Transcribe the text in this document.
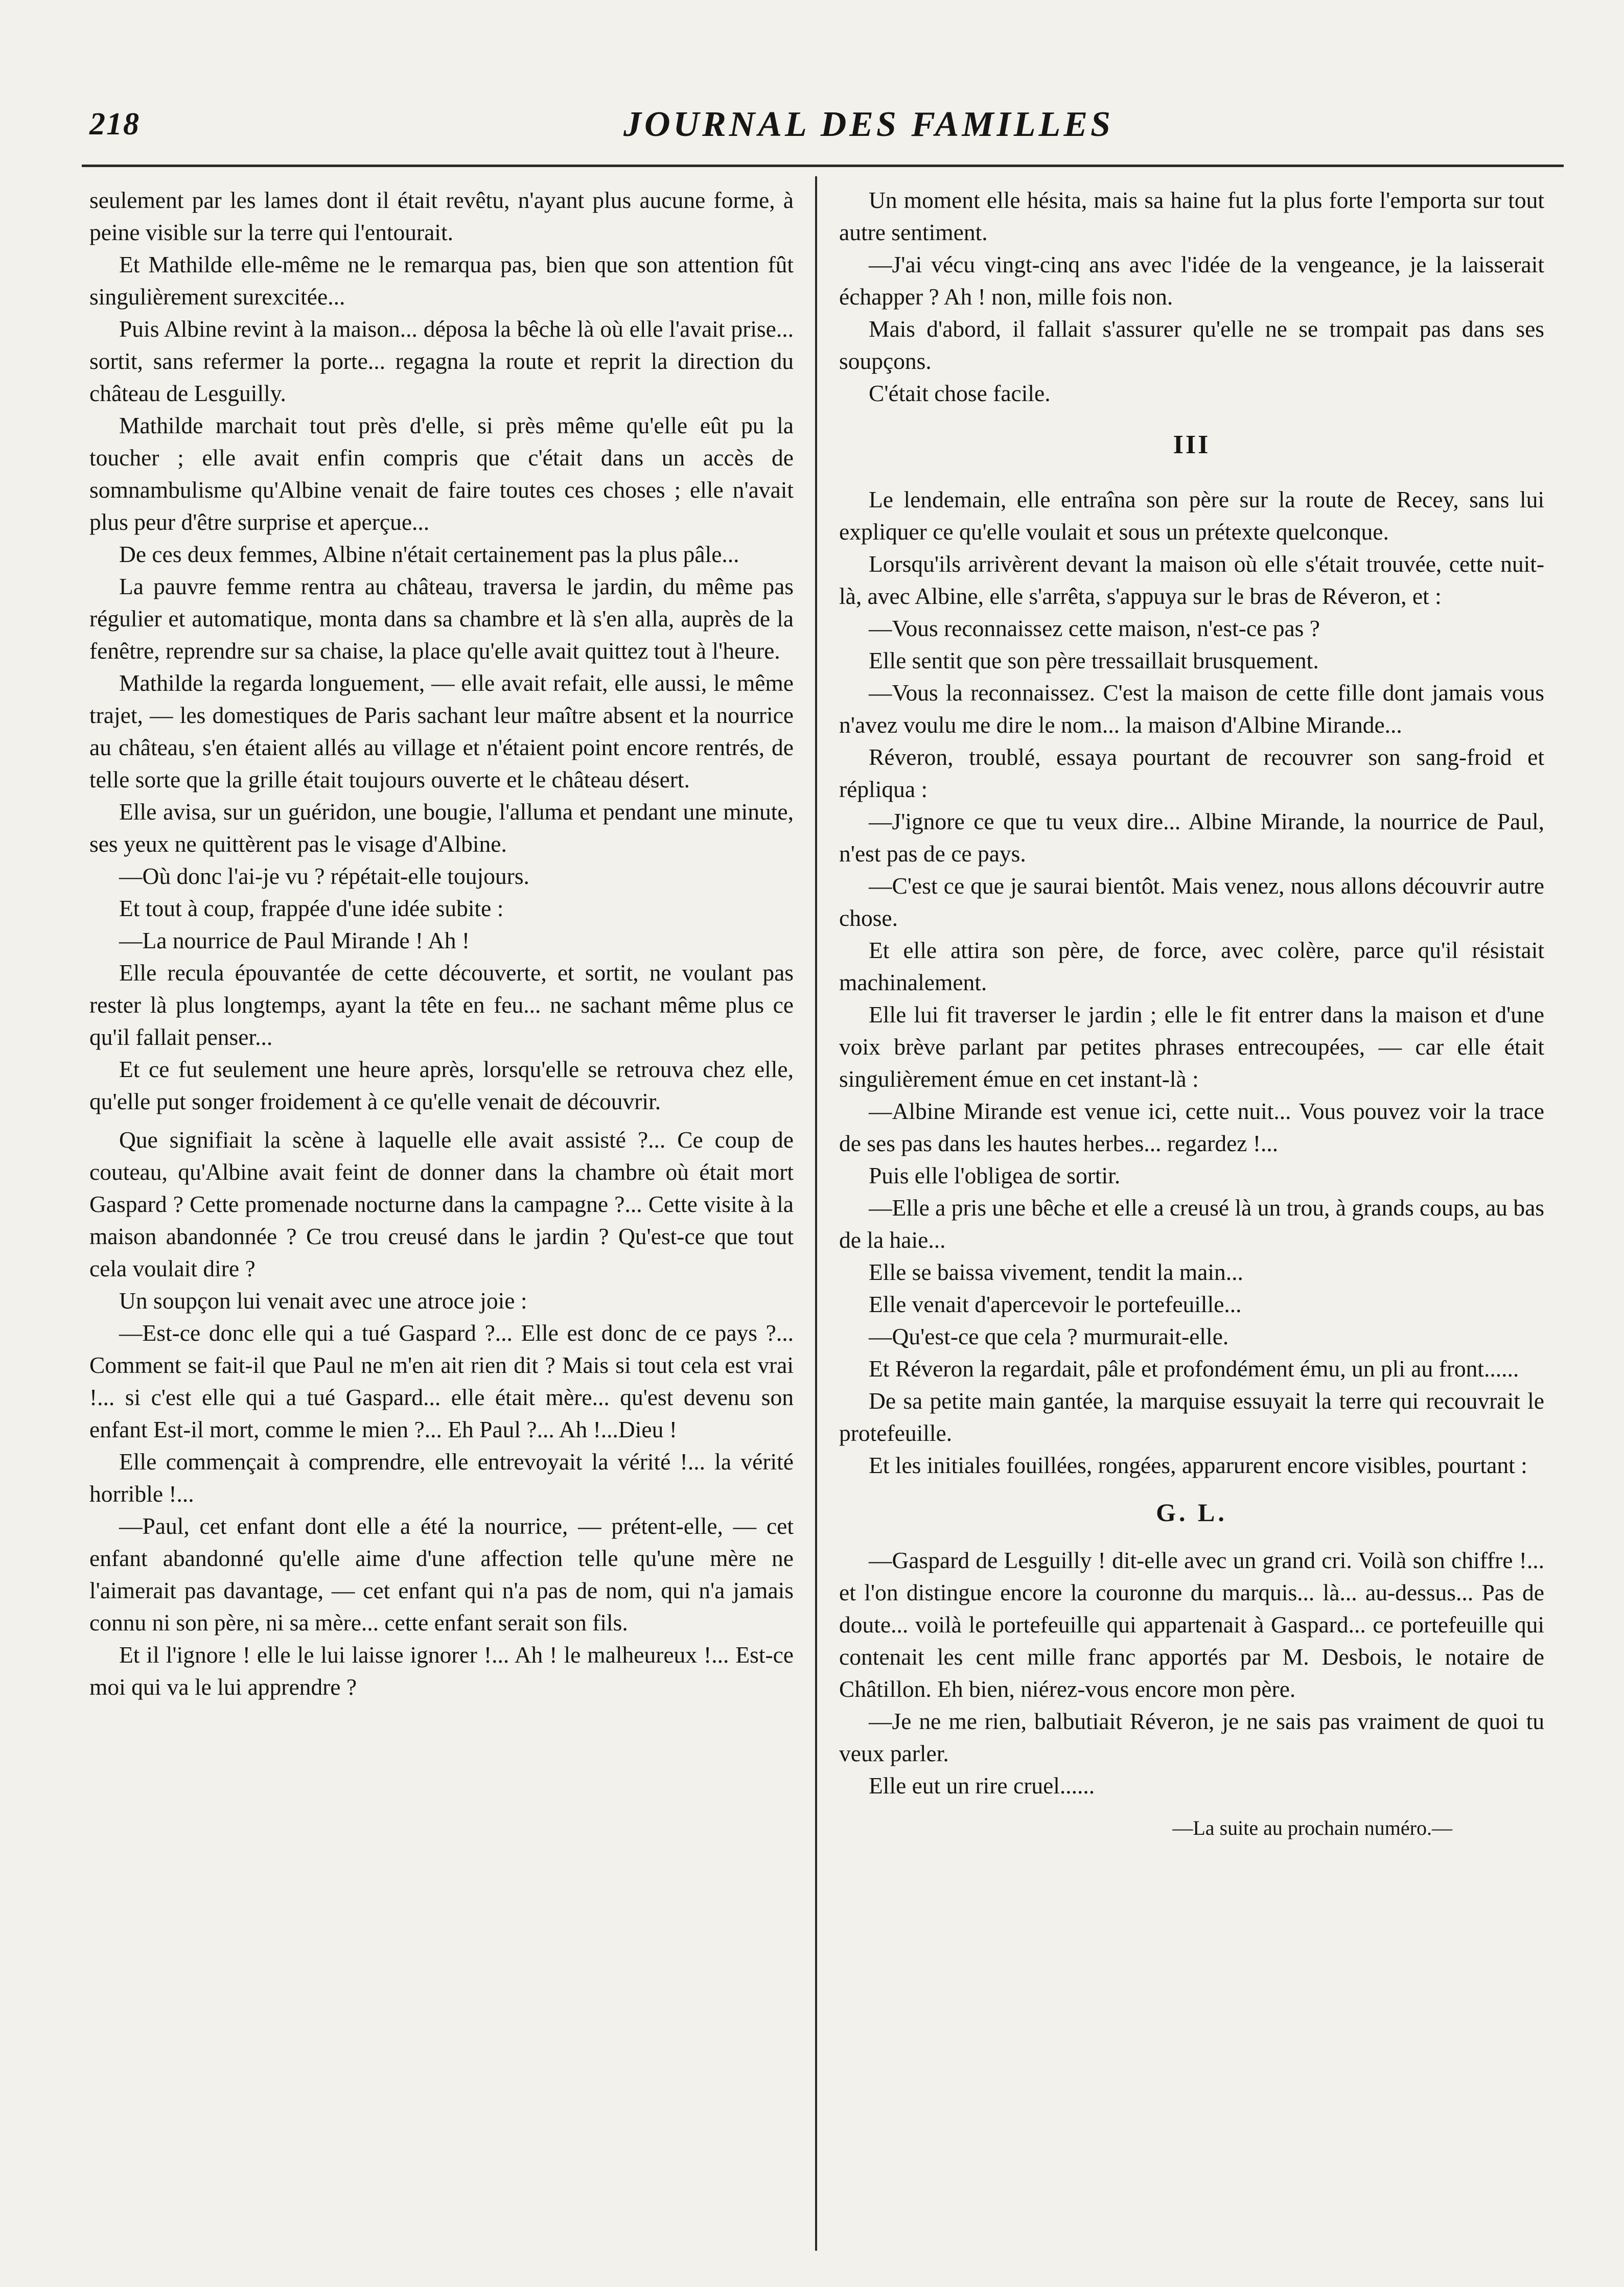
218	JOURNAL DES FAMILLES

seulement par les lames dont il était revêtu, n'ayant plus aucune forme, à peine visible sur la terre qui l'entourait.

Et Mathilde elle-même ne le remarqua pas, bien que son attention fût singulièrement surexcitée...

Puis Albine revint à la maison... déposa la bêche là où elle l'avait prise... sortit, sans refermer la porte... regagna la route et reprit la direction du château de Lesguilly.

Mathilde marchait tout près d'elle, si près même qu'elle eût pu la toucher ; elle avait enfin compris que c'était dans un accès de somnambulisme qu'Albine venait de faire toutes ces choses ; elle n'avait plus peur d'être surprise et aperçue...

De ces deux femmes, Albine n'était certainement pas la plus pâle...

La pauvre femme rentra au château, traversa le jardin, du même pas régulier et automatique, monta dans sa chambre et là s'en alla, auprès de la fenêtre, reprendre sur sa chaise, la place qu'elle avait quittez tout à l'heure.

Mathilde la regarda longuement, — elle avait refait, elle aussi, le même trajet, — les domestiques de Paris sachant leur maître absent et la nourrice au château, s'en étaient allés au village et n'étaient point encore rentrés, de telle sorte que la grille était toujours ouverte et le château désert.

Elle avisa, sur un guéridon, une bougie, l'alluma et pendant une minute, ses yeux ne quittèrent pas le visage d'Albine.

—Où donc l'ai-je vu ? répétait-elle toujours.

Et tout à coup, frappée d'une idée subite :

—La nourrice de Paul Mirande ! Ah !

Elle recula épouvantée de cette découverte, et sortit, ne voulant pas rester là plus longtemps, ayant la tête en feu... ne sachant même plus ce qu'il fallait penser...

Et ce fut seulement une heure après, lorsqu'elle se retrouva chez elle, qu'elle put songer froidement à ce qu'elle venait de découvrir.

Que signifiait la scène à laquelle elle avait assisté ?... Ce coup de couteau, qu'Albine avait feint de donner dans la chambre où était mort Gaspard ? Cette promenade nocturne dans la campagne ?... Cette visite à la maison abandonnée ? Ce trou creusé dans le jardin ? Qu'est-ce que tout cela voulait dire ?

Un soupçon lui venait avec une atroce joie :

—Est-ce donc elle qui a tué Gaspard ?... Elle est donc de ce pays ?... Comment se fait-il que Paul ne m'en ait rien dit ? Mais si tout cela est vrai !... si c'est elle qui a tué Gaspard... elle était mère... qu'est devenu son enfant Est-il mort, comme le mien ?... Eh Paul ?... Ah !...Dieu !

Elle commençait à comprendre, elle entrevoyait la vérité !... la vérité horrible !...

—Paul, cet enfant dont elle a été la nourrice, — prétent-elle, — cet enfant abandonné qu'elle aime d'une affection telle qu'une mère ne l'aimerait pas davantage, — cet enfant qui n'a pas de nom, qui n'a jamais connu ni son père, ni sa mère... cette enfant serait son fils.

Et il l'ignore ! elle le lui laisse ignorer !... Ah ! le malheureux !... Est-ce moi qui va le lui apprendre ?

Un moment elle hésita, mais sa haine fut la plus forte l'emporta sur tout autre sentiment.

—J'ai vécu vingt-cinq ans avec l'idée de la vengeance, je la laisserait échapper ? Ah ! non, mille fois non.

Mais d'abord, il fallait s'assurer qu'elle ne se trompait pas dans ses soupçons.

C'était chose facile.

III

Le lendemain, elle entraîna son père sur la route de Recey, sans lui expliquer ce qu'elle voulait et sous un prétexte quelconque.

Lorsqu'ils arrivèrent devant la maison où elle s'était trouvée, cette nuit-là, avec Albine, elle s'arrêta, s'appuya sur le bras de Réveron, et :

—Vous reconnaissez cette maison, n'est-ce pas ?

Elle sentit que son père tressaillait brusquement.

—Vous la reconnaissez. C'est la maison de cette fille dont jamais vous n'avez voulu me dire le nom... la maison d'Albine Mirande...

Réveron, troublé, essaya pourtant de recouvrer son sang-froid et répliqua :

—J'ignore ce que tu veux dire... Albine Mirande, la nourrice de Paul, n'est pas de ce pays.

—C'est ce que je saurai bientôt. Mais venez, nous allons découvrir autre chose.

Et elle attira son père, de force, avec colère, parce qu'il résistait machinalement.

Elle lui fit traverser le jardin ; elle le fit entrer dans la maison et d'une voix brève parlant par petites phrases entrecoupées, — car elle était singulièrement émue en cet instant-là :

—Albine Mirande est venue ici, cette nuit... Vous pouvez voir la trace de ses pas dans les hautes herbes... regardez !...

Puis elle l'obligea de sortir.

—Elle a pris une bêche et elle a creusé là un trou, à grands coups, au bas de la haie...

Elle se baissa vivement, tendit la main...

Elle venait d'apercevoir le portefeuille...

—Qu'est-ce que cela ? murmurait-elle.

Et Réveron la regardait, pâle et profondément ému, un pli au front......

De sa petite main gantée, la marquise essuyait la terre qui recouvrait le protefeuille.

Et les initiales fouillées, rongées, apparurent encore visibles, pourtant :

G. L.

—Gaspard de Lesguilly ! dit-elle avec un grand cri. Voilà son chiffre !... et l'on distingue encore la couronne du marquis... là... au-dessus... Pas de doute... voilà le portefeuille qui appartenait à Gaspard... ce portefeuille qui contenait les cent mille franc apportés par M. Desbois, le notaire de Châtillon. Eh bien, niérez-vous encore mon père.

—Je ne me rien, balbutiait Réveron, je ne sais pas vraiment de quoi tu veux parler.

Elle eut un rire cruel......

—La suite au prochain numéro.—
